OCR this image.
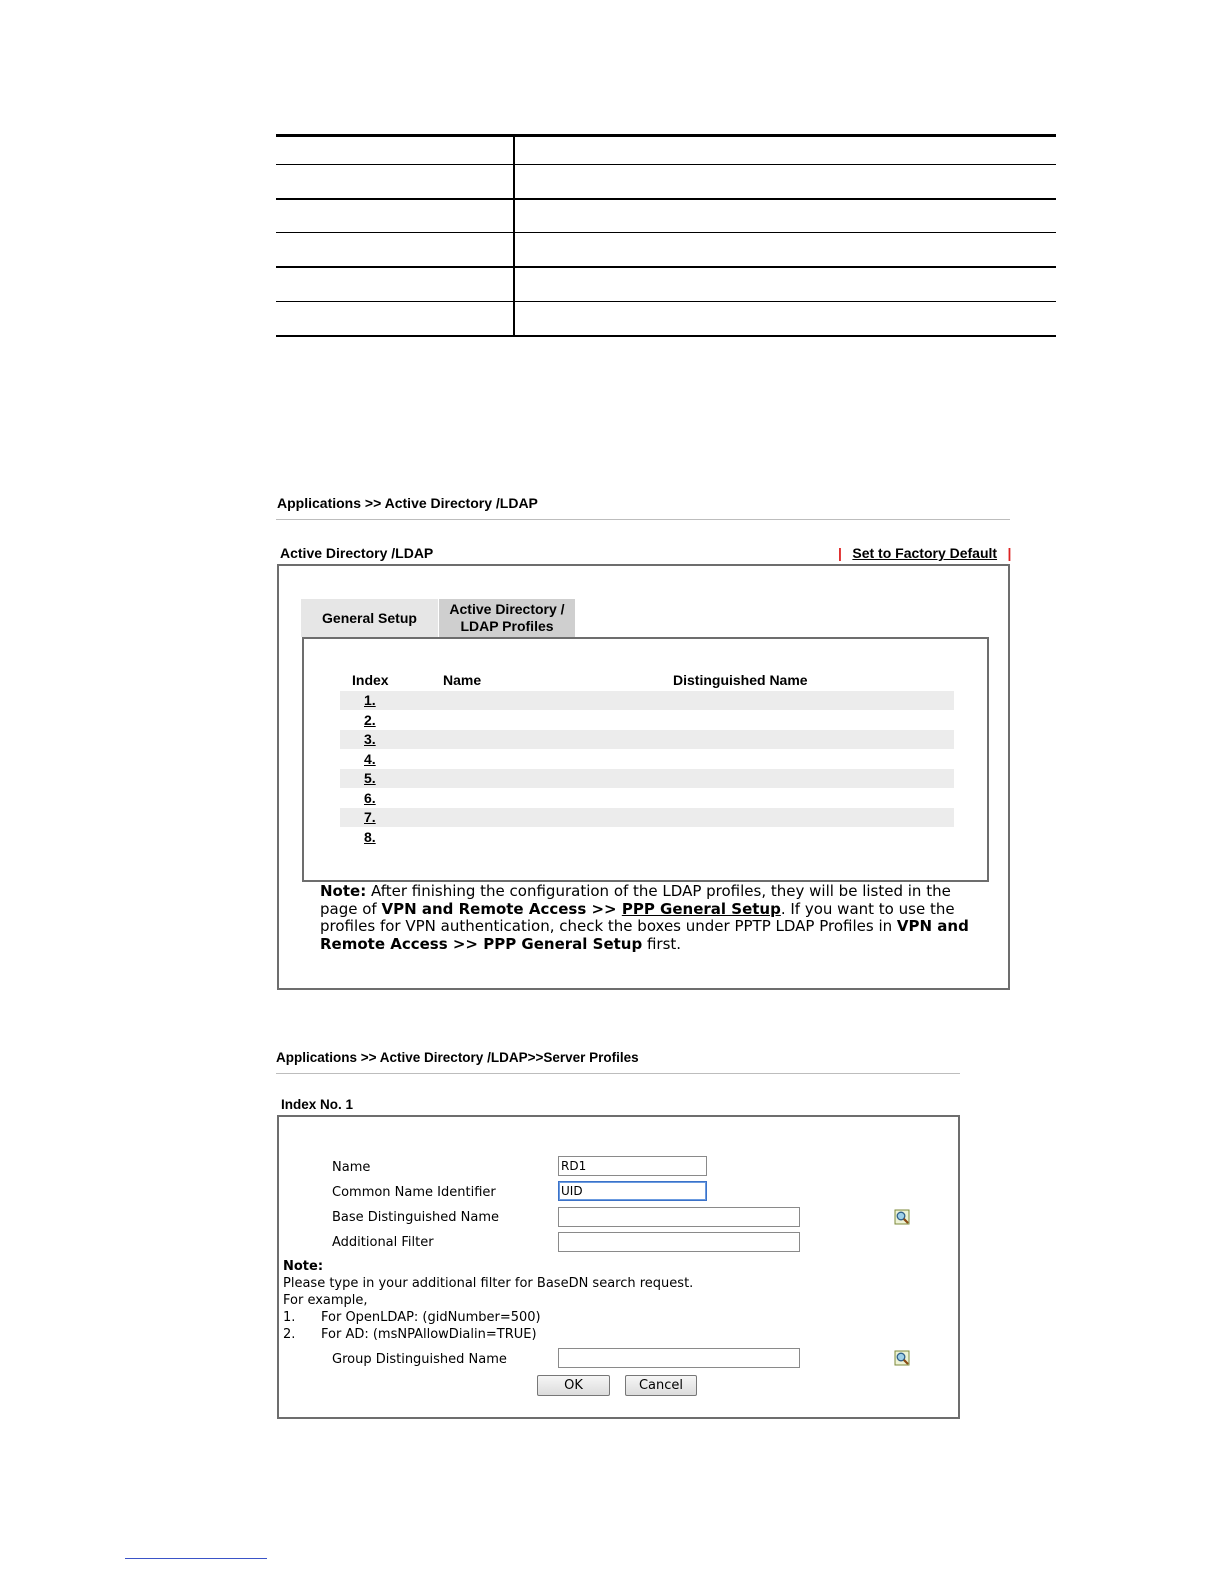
Applications >> Active Directory /LDAP
Active Directory /LDAP	| Set to Factory Default |
General Setup
Active Directory /
LDAP Profiles
Index	Name	Distinguished Name
1.
2.
3.
4.
5.
6.
7.
8.
Note: After finishing the configuration of the LDAP profiles, they will be listed in the page of VPN and Remote Access >> PPP General Setup. If you want to use the profiles for VPN authentication, check the boxes under PPTP LDAP Profiles in VPN and Remote Access >> PPP General Setup first.
Applications >> Active Directory /LDAP>>Server Profiles
Index No. 1
Name
RD1
Common Name Identifier
UID
Base Distinguished Name
Additional Filter
Note:
Please type in your additional filter for BaseDN search request.
For example,
1. For OpenLDAP: (gidNumber=500)
2. For AD: (msNPAllowDialin=TRUE)
Group Distinguished Name
OK	Cancel
